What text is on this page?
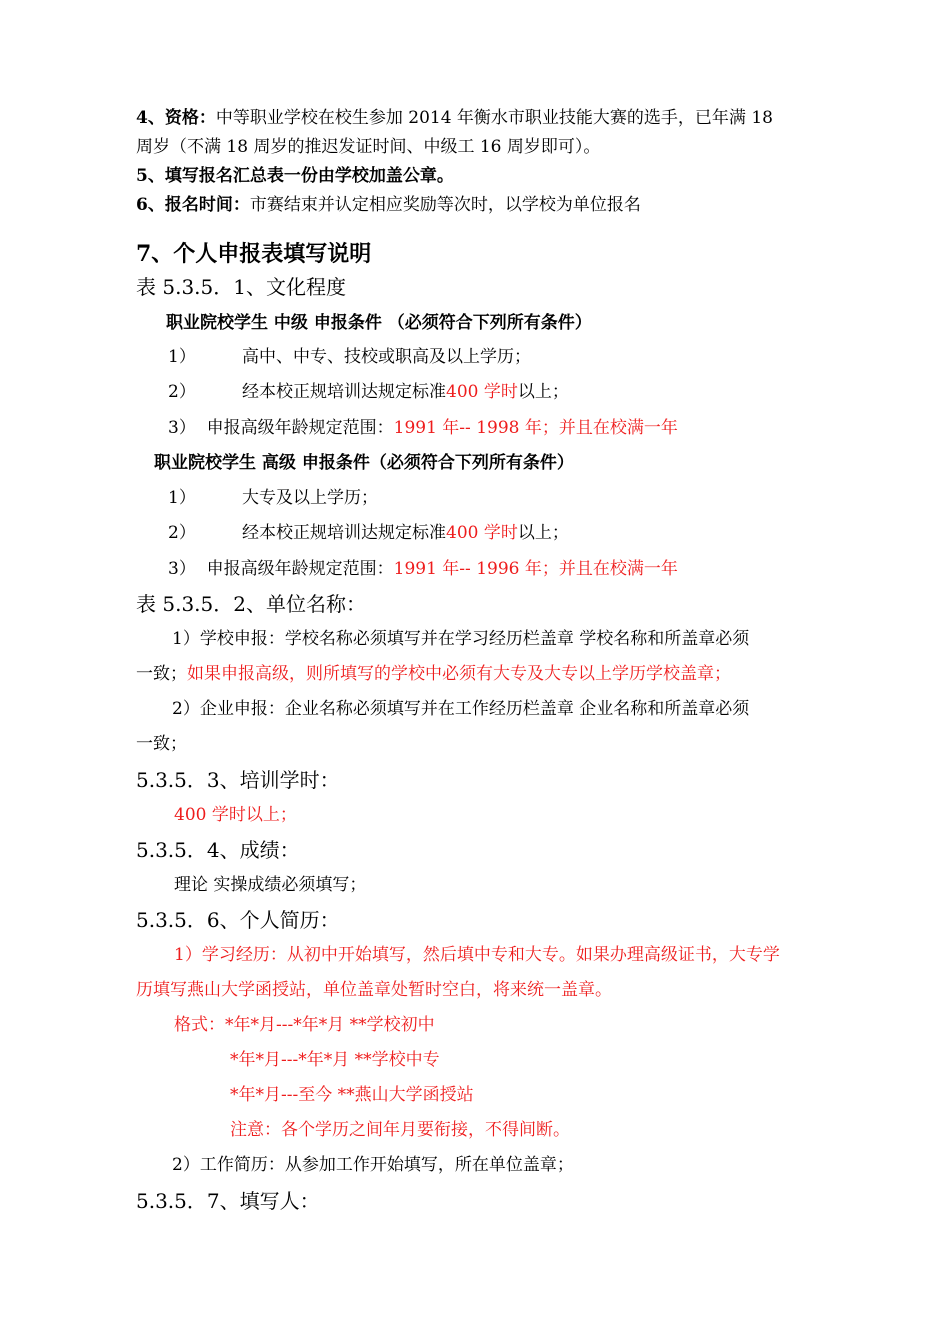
4、资格：中等职业学校在校生参加 2014 年衡水市职业技能大赛的选手，已年满 18
周岁（不满 18 周岁的推迟发证时间、中级工 16 周岁即可）。
5、填写报名汇总表一份由学校加盖公章。
6、报名时间：市赛结束并认定相应奖励等次时，以学校为单位报名
7、个人申报表填写说明
表 5.3.5．1、文化程度
职业院校学生 中级 申报条件 （必须符合下列所有条件）
1）	高中、中专、技校或职高及以上学历；
2）	经本校正规培训达规定标准400 学时以上；
3） 申报高级年龄规定范围：1991 年-- 1998 年；并且在校满一年
职业院校学生 高级 申报条件（必须符合下列所有条件）
1）	大专及以上学历；
2）	经本校正规培训达规定标准400 学时以上；
3） 申报高级年龄规定范围：1991 年-- 1996 年；并且在校满一年
表 5.3.5．2、单位名称：
1）学校申报：学校名称必须填写并在学习经历栏盖章 学校名称和所盖章必须
一致；如果申报高级，则所填写的学校中必须有大专及大专以上学历学校盖章；
2）企业申报：企业名称必须填写并在工作经历栏盖章 企业名称和所盖章必须
一致；
5.3.5．3、培训学时：
400 学时以上；
5.3.5．4、成绩：
理论 实操成绩必须填写；
5.3.5．6、个人简历：
1）学习经历：从初中开始填写，然后填中专和大专。如果办理高级证书，大专学
历填写燕山大学函授站，单位盖章处暂时空白，将来统一盖章。
格式：*年*月---*年*月 **学校初中
*年*月---*年*月 **学校中专
*年*月---至今 **燕山大学函授站
注意：各个学历之间年月要衔接，不得间断。
2）工作简历：从参加工作开始填写，所在单位盖章；
5.3.5．7、填写人：
